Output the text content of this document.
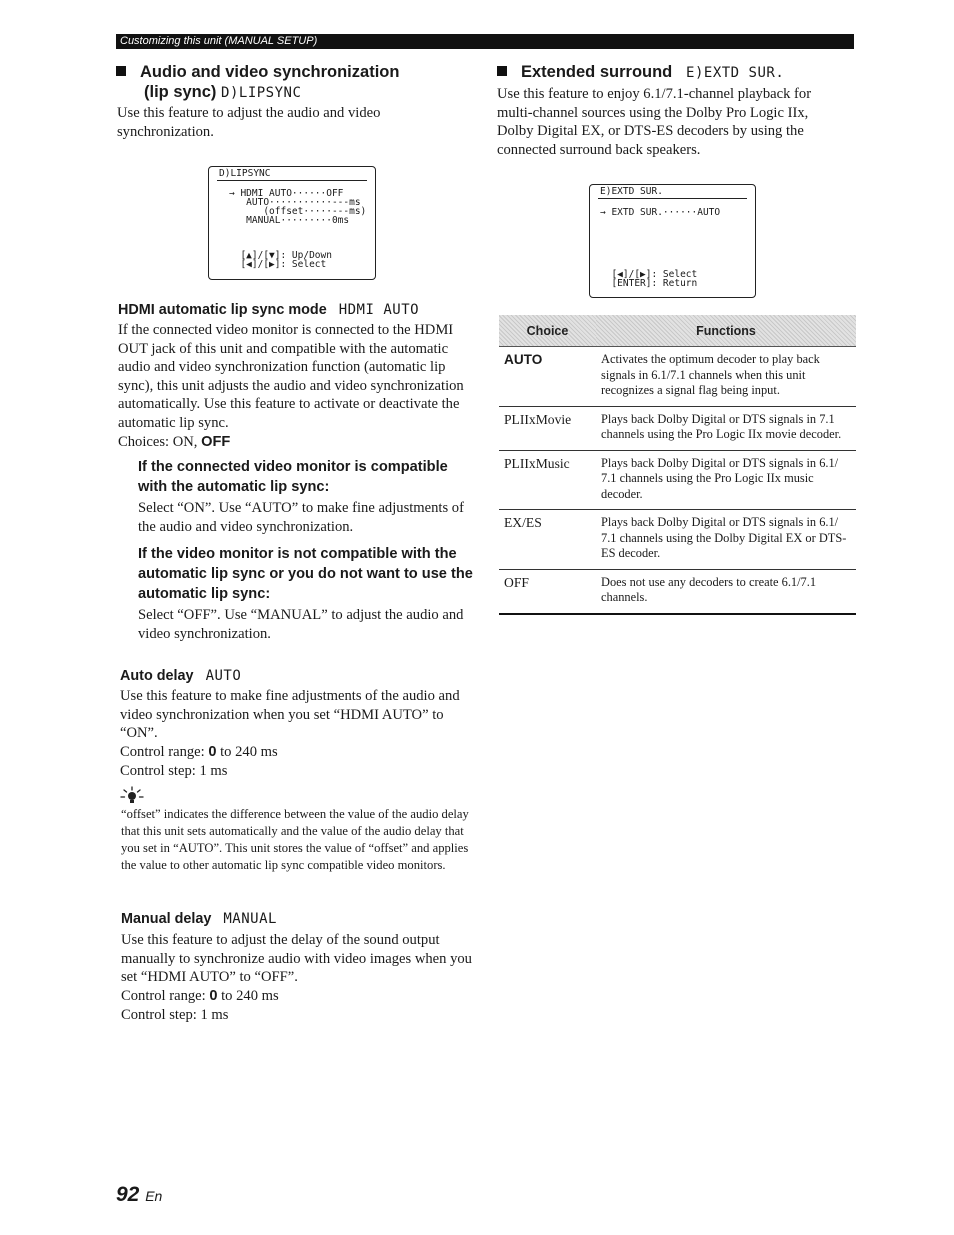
Customizing this unit (MANUAL SETUP)
Audio and video synchronization
(lip sync) D)LIPSYNC
Use this feature to adjust the audio and video synchronization.
D)LIPSYNC
→ HDMI AUTO······OFF
AUTO···········---ms
(offset·····---ms)
MANUAL·········0ms
[▲]/[▼]: Up/Down
[◀]/[▶]: Select
HDMI automatic lip sync mode HDMI AUTO
If the connected video monitor is connected to the HDMI OUT jack of this unit and compatible with the automatic audio and video synchronization function (automatic lip sync), this unit adjusts the audio and video synchronization automatically. Use this feature to activate or deactivate the automatic lip sync.
Choices: ON, OFF
If the connected video monitor is compatible with the automatic lip sync:
Select “ON”. Use “AUTO” to make fine adjustments of the audio and video synchronization.
If the video monitor is not compatible with the automatic lip sync or you do not want to use the automatic lip sync:
Select “OFF”. Use “MANUAL” to adjust the audio and video synchronization.
Auto delay AUTO
Use this feature to make fine adjustments of the audio and video synchronization when you set “HDMI AUTO” to “ON”.
Control range: 0 to 240 ms
Control step: 1 ms
“offset” indicates the difference between the value of the audio delay that this unit sets automatically and the value of the audio delay that you set in “AUTO”. This unit stores the value of “offset” and applies the value to other automatic lip sync compatible video monitors.
Manual delay MANUAL
Use this feature to adjust the delay of the sound output manually to synchronize audio with video images when you set “HDMI AUTO” to “OFF”.
Control range: 0 to 240 ms
Control step: 1 ms
Extended surround E)EXTD SUR.
Use this feature to enjoy 6.1/7.1-channel playback for multi-channel sources using the Dolby Pro Logic IIx, Dolby Digital EX, or DTS-ES decoders by using the connected surround back speakers.
E)EXTD SUR.
→ EXTD SUR.······AUTO
[◀]/[▶]: Select
[ENTER]: Return
Choice	Functions
AUTO	Activates the optimum decoder to play back signals in 6.1/7.1 channels when this unit recognizes a signal flag being input.
PLIIxMovie	Plays back Dolby Digital or DTS signals in 7.1 channels using the Pro Logic IIx movie decoder.
PLIIxMusic	Plays back Dolby Digital or DTS signals in 6.1/ 7.1 channels using the Pro Logic IIx music decoder.
EX/ES	Plays back Dolby Digital or DTS signals in 6.1/ 7.1 channels using the Dolby Digital EX or DTS-ES decoder.
OFF	Does not use any decoders to create 6.1/7.1 channels.
92 En
